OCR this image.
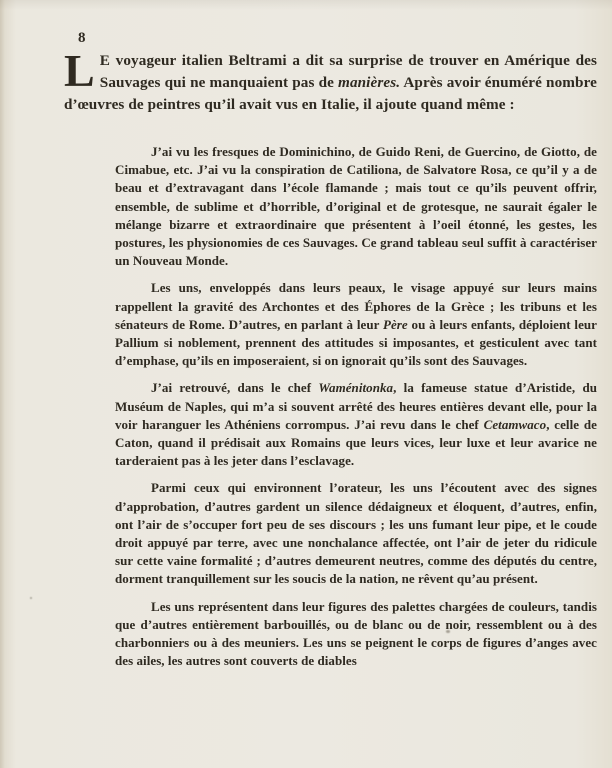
8

L E voyageur italien Beltrami a dit sa surprise de trouver en Amérique des Sauvages qui ne manquaient pas de manières. Après avoir énuméré nombre d’œuvres de peintres qu’il avait vus en Italie, il ajoute quand même :

J’ai vu les fresques de Dominichino, de Guido Reni, de Guercino, de Giotto, de Cimabue, etc. J’ai vu la conspiration de Catiliona, de Salvatore Rosa, ce qu’il y a de beau et d’extravagant dans l’école flamande ; mais tout ce qu’ils peuvent offrir, ensemble, de sublime et d’horrible, d’original et de grotesque, ne saurait égaler le mélange bizarre et extraordinaire que présentent à l’oeil étonné, les gestes, les postures, les physionomies de ces Sauvages. Ce grand tableau seul suffit à caractériser un Nouveau Monde.

Les uns, enveloppés dans leurs peaux, le visage appuyé sur leurs mains rappellent la gravité des Archontes et des Éphores de la Grèce ; les tribuns et les sénateurs de Rome. D’autres, en parlant à leur Père ou à leurs enfants, déploient leur Pallium si noblement, prennent des attitudes si imposantes, et gesticulent avec tant d’emphase, qu’ils en imposeraient, si on ignorait qu’ils sont des Sauvages.

J’ai retrouvé, dans le chef Waménitonka, la fameuse statue d’Aristide, du Muséum de Naples, qui m’a si souvent arrêté des heures entières devant elle, pour la voir haranguer les Athéniens corrompus. J’ai revu dans le chef Cetamwaco, celle de Caton, quand il prédisait aux Romains que leurs vices, leur luxe et leur avarice ne tarderaient pas à les jeter dans l’esclavage.

Parmi ceux qui environnent l’orateur, les uns l’écoutent avec des signes d’approbation, d’autres gardent un silence dédaigneux et éloquent, d’autres, enfin, ont l’air de s’occuper fort peu de ses discours ; les uns fumant leur pipe, et le coude droit appuyé par terre, avec une nonchalance affectée, ont l’air de jeter du ridicule sur cette vaine formalité ; d’autres demeurent neutres, comme des députés du centre, dorment tranquillement sur les soucis de la nation, ne rêvent qu’au présent.

Les uns représentent dans leur figures des palettes chargées de couleurs, tandis que d’autres entièrement barbouillés, ou de blanc ou de noir, ressemblent ou à des charbonniers ou à des meuniers. Les uns se peignent le corps de figures d’anges avec des ailes, les autres sont couverts de diables
